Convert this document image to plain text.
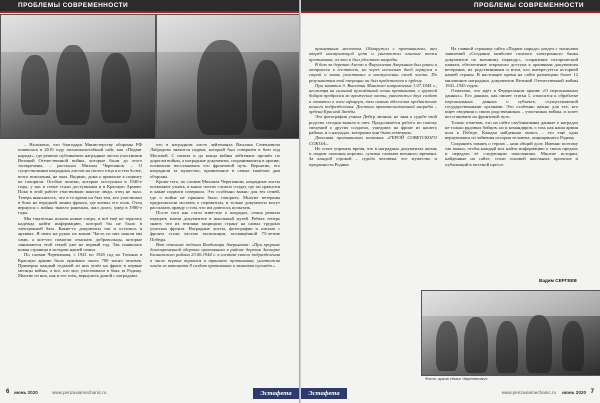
ПРОБЛЕМЫ СОВРЕМЕННОСТИ

– Наложено, что благодаря Министерству обороны РФ появилась в 2019 году полномасштабный сайт, как «Подвиг народа», где решено публиковать наградные листы участников Великой Отечественной войны, которые были до этого засекречены, – рассказал Михаил Черепанов. – О существовании наградных листов на своего отца я и тем более, всего поколения, не знал. Видимо, дома о приписке к подвигу не говорили. Особые поиски, которые поступили в 1940-е годы, у нас в семье стали доступными и в Красную Армию. Пока в этой работе участвовали многие люди, отец не знал. Теперь выяснилось, что в то время он был тем, кто участвовал в боях на передней линии фронта, где воевал его полк. Отец вернулся с войны тяжело раненым, жил долго, умер в 1980-е годы.

Мы тщательно искали новые следы, и всё ещё не терялась надежда найти информацию, которой бы не было в электронной базе. Какие‑то документы так и остались в архивах. Я имел на руках их копии. Часть из них нашли мы сами, а кое‑что помогли отыскать добровольцы, которые занимаются этой темой уже не первый год. Так появилась новая страница в истории нашей семьи.

По словам Черепанова, с 1941 по 1945 год их Татьяна в Красную армию было призвано около 700 тысяч человек. Примерно каждый седьмой из них ушёл на фронт в первые месяцы войны, а все, кто мог, участвовали в боях за Родину. Многие из них, как и его отец, вернулись домой с наградами.

что в наградном листе лейтенанта Василия Семеновича Лабрадова значится подвиг, который был совершён в бою под Москвой. С начала и до конца войны лейтенант прошёл по дорогам войны, а наградные документы, сохранившиеся в архиве, позволили восстановить его фронтовой путь. Вероятно, его наградили за мужество, проявленное в самые тяжёлые дни обороны.

Кроме того, по словам Михаила Черепанова, наградные листы позволяют узнать, в каких частях служил солдат, где он сражался и какие подвиги совершил. Это особенно важно для тех семей, где о войне не принято было говорить. Многие ветераны предпочитали молчать о пережитом, и только документы могут рассказать правду о том, что им довелось испытать.

После того как стало известно о наградах, семья решила передать копии документов в школьный музей. Ребята теперь знают, что их земляки защищали страну на самых трудных участках фронта. Наградные листы, фотографии и письма с фронта стали частью экспозиции, посвящённой 75‑летию Победы.

Вот описание подвига Владимира Аверьянова: «При прорыве долговременной обороны противника в районе деревни Заозерье Болшевского района 23.06.1944 г. в составе своего подразделения в числе первых ворвался в траншею противника, уничтожив огнём из автомата 8 солдат противника и захватив пулемёт.»

6 июнь 2020	www.penzaviamechanic.ru	Эстафета
ПРОБЛЕМЫ СОВРЕМЕННОСТИ

приметным месттом. Обнаружил с противником, шел вперёд наступающей цепи и уничтожил огневые точки противника, за что и был удостоен награды.

В бою за деревню Азеево и Фаргалевка Аверьянов был ранен и отправлен в госпиталь, но через несколько дней вернулся в строй и вновь участвовал в наступлении своей части. По результатам той операции он был представлен к ордену.

При занятии д. Высотки Минского направления 1.07.1944 г., несмотря на сильный пулемётный огонь противника, с группой бойцов пробрался во вражеские окопы, уничтожил двух солдат и захватил в плен офицера, тем самым обеспечив продвижение нашего подразделения. Достоин правительственной награды – ордена Красной Звезды.

Эта фотография узнала Дейтр личном, не зная о судьбе свой родства сегодня вышла в свет. Продолжается работа по поиску сведений о других солдатах, ушедших на фронт из нашего района, и о наградах, которыми они были отмечены.

Дополняя противником названия «ГЕРОЙ СОВЕТСКОГО СОЮЗА».

Не стоит упрекать время, что в наградных документах жизнь и подвиг описаны коротко, сухими словами военного времени. За каждой строкой – судьба человека, его мужество и преданность Родине.

На главной странице сайта «Подвиг народа» раздел с тысячами заявлений «Создание наиболее полного электронного банка документов по военному периоду», сохранение исторической памяти, обеспечение открытого доступа к архивным документам ветеранов, их родственникам и всем, кто интересуется историей нашей страны. В настоящее время на сайте размещено более 12 миллионов наградных документов Великой Отечественной войны 1941–1945 годов.

Отмечено, что идёт в Федеральном архиве «О персональных данных». Его данных, как пишет статья 1, относятся к обработке персональных данных о субъекте, осуществляемой государственными органами. Это особенно важно для тех, кто ищет сведения о своих родственниках – участниках войны, и хочет восстановить их фронтовой путь.

Только отметим, что на сайте опубликованы данные о наградах не только рядовых бойцов, но и командиров, о том, как наша армия шла к Победе. Каждая найденная запись – это ещё одна вернувшаяся из забвения история человека, защищавшего Родину.

Сохранить память о героях – наш общий долг. Именно поэтому так важно, чтобы каждый мог найти информацию о своих предках и передать её следующим поколениям. Многие истории, найденные на сайте, стали основой школьных проектов и публикаций в местной прессе.

Вадим СЕРГЕЕВ
Фото: архив семьи Черепановых
Эстафета	www.penzaviamechanic.ru июнь 2020 7
